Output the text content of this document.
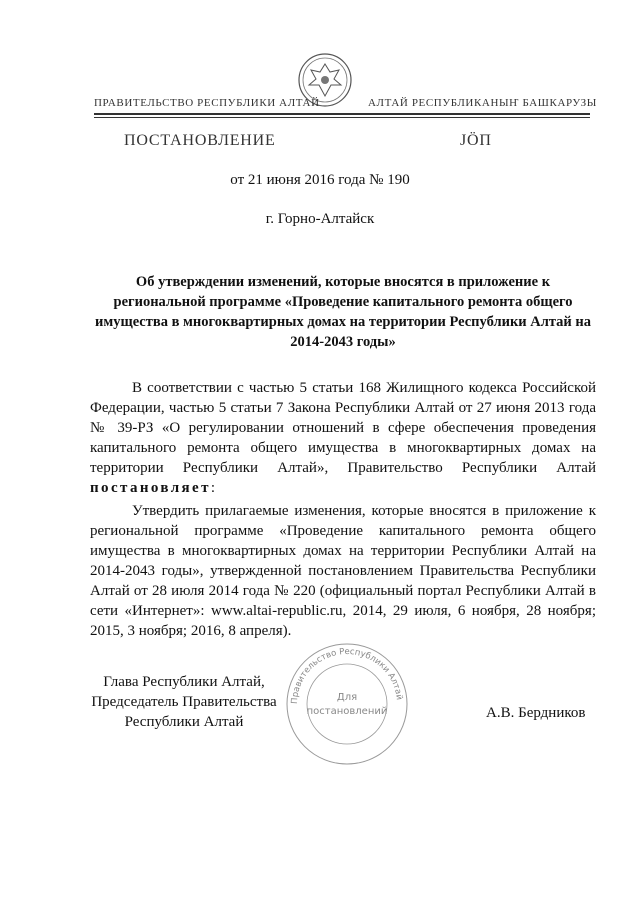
ПРАВИТЕЛЬСТВО РЕСПУБЛИКИ АЛТАЙ	АЛТАЙ РЕСПУБЛИКАНЫҤ БАШКАРУЗЫ
ПОСТАНОВЛЕНИЕ	JÖП
от 21 июня 2016 года № 190
г. Горно-Алтайск
Об утверждении изменений, которые вносятся в приложение к региональной программе «Проведение капитального ремонта общего имущества в многоквартирных домах на территории Республики Алтай на 2014-2043 годы»
В соответствии с частью 5 статьи 168 Жилищного кодекса Российской Федерации, частью 5 статьи 7 Закона Республики Алтай от 27 июня 2013 года № 39-РЗ «О регулировании отношений в сфере обеспечения проведения капитального ремонта общего имущества в многоквартирных домах на территории Республики Алтай», Правительство Республики Алтай постановляет:
Утвердить прилагаемые изменения, которые вносятся в приложение к региональной программе «Проведение капитального ремонта общего имущества в многоквартирных домах на территории Республики Алтай на 2014-2043 годы», утвержденной постановлением Правительства Республики Алтай от 28 июля 2014 года № 220 (официальный портал Республики Алтай в сети «Интернет»: www.altai-republic.ru, 2014, 29 июля, 6 ноября, 28 ноября; 2015, 3 ноября; 2016, 8 апреля).
Правительство Республики Алтай
Для
постановлений
Глава Республики Алтай,
Председатель Правительства
Республики Алтай
А.В. Бердников
